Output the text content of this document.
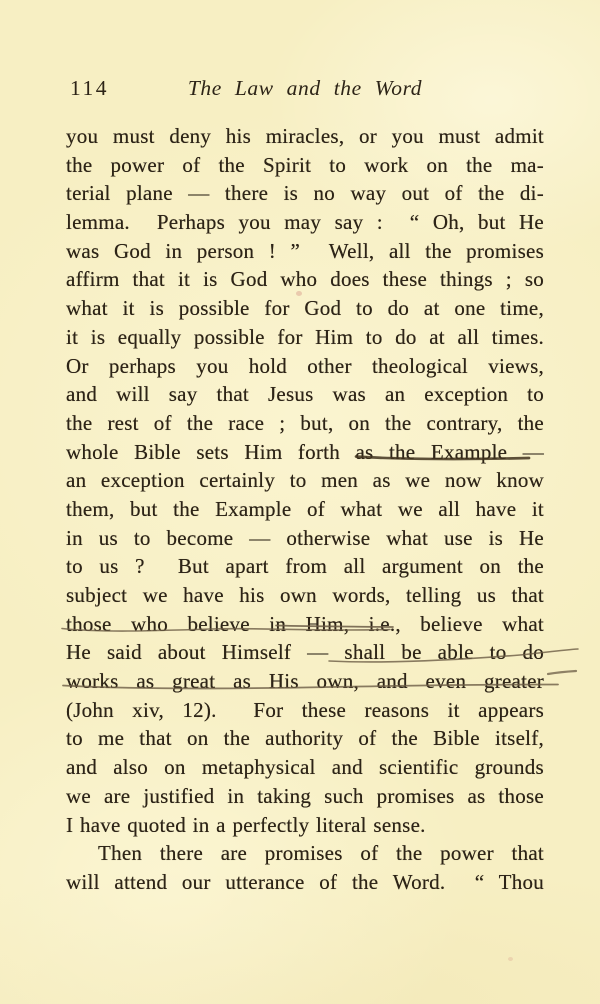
114	The Law and the Word
you must deny his miracles, or you must admit
the power of the Spirit to work on the ma-
terial plane — there is no way out of the di-
lemma.  Perhaps you may say :  “ Oh, but He
was God in person ! ”  Well, all the promises
affirm that it is God who does these things ; so
what it is possible for God to do at one time,
it is equally possible for Him to do at all times.
Or perhaps you hold other theological views,
and will say that Jesus was an exception to
the rest of the race ; but, on the contrary, the
whole Bible sets Him forth as the Example —
an exception certainly to men as we now know
them, but the Example of what we all have it
in us to become — otherwise what use is He
to us ?  But apart from all argument on the
subject we have his own words, telling us that
those who believe in Him, i.e., believe what
He said about Himself — shall be able to do
works as great as His own, and even greater
(John xiv, 12).  For these reasons it appears
to me that on the authority of the Bible itself,
and also on metaphysical and scientific grounds
we are justified in taking such promises as those
I have quoted in a perfectly literal sense.
Then there are promises of the power that
will attend our utterance of the Word.  “ Thou
